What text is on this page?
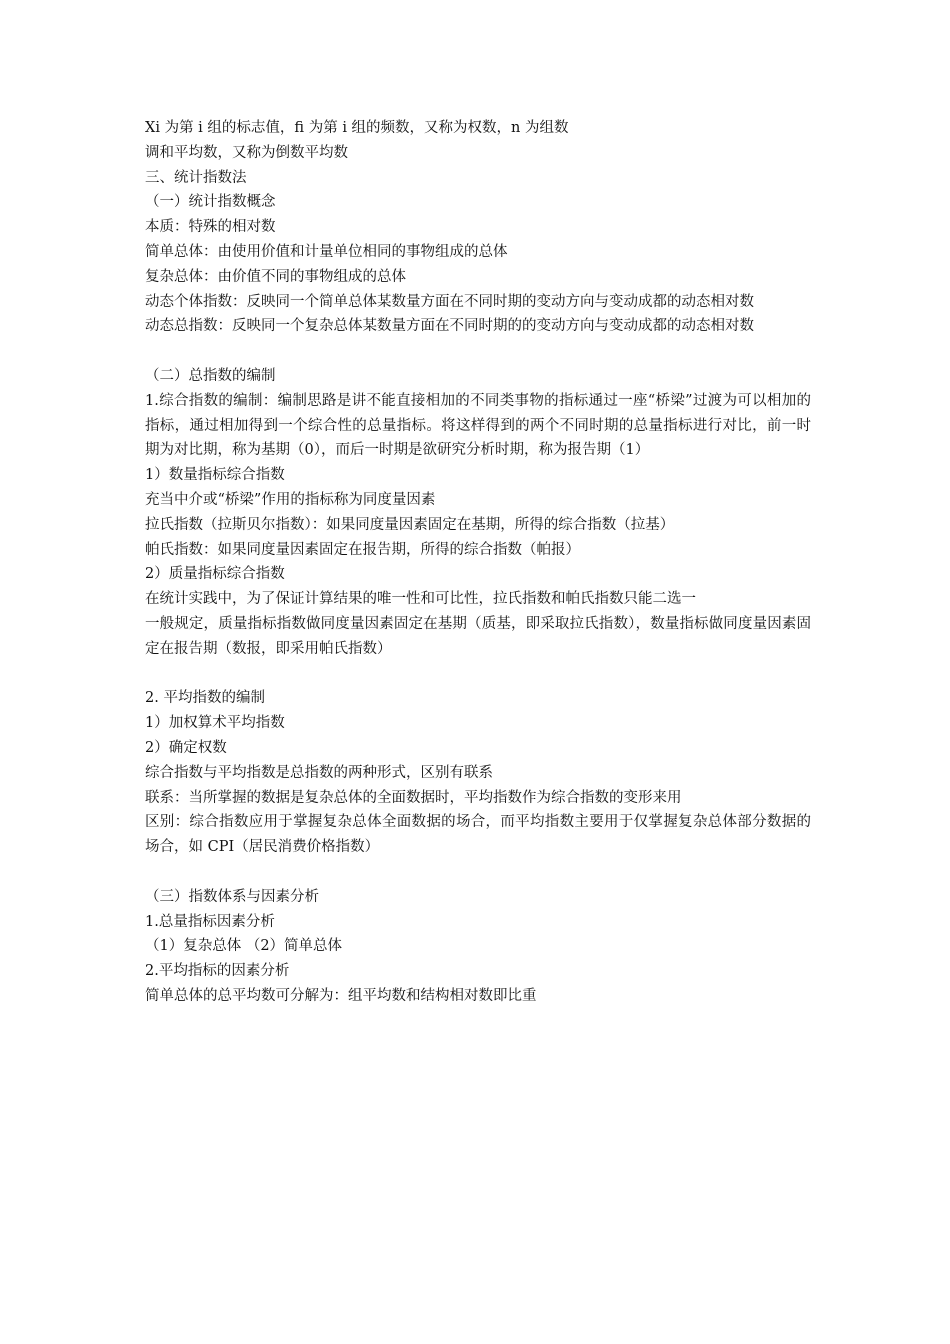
Xi 为第 i 组的标志值，fi 为第 i 组的频数，又称为权数，n 为组数
调和平均数，又称为倒数平均数
三、统计指数法
（一）统计指数概念
本质：特殊的相对数
简单总体：由使用价值和计量单位相同的事物组成的总体
复杂总体：由价值不同的事物组成的总体
动态个体指数：反映同一个简单总体某数量方面在不同时期的变动方向与变动成都的动态相对数
动态总指数：反映同一个复杂总体某数量方面在不同时期的的变动方向与变动成都的动态相对数
（二）总指数的编制
1.综合指数的编制：编制思路是讲不能直接相加的不同类事物的指标通过一座“桥梁”过渡为可以相加的指标，通过相加得到一个综合性的总量指标。将这样得到的两个不同时期的总量指标进行对比，前一时期为对比期，称为基期（0），而后一时期是欲研究分析时期，称为报告期（1）
1）数量指标综合指数
充当中介或“桥梁”作用的指标称为同度量因素
拉氏指数（拉斯贝尔指数）：如果同度量因素固定在基期，所得的综合指数（拉基）
帕氏指数：如果同度量因素固定在报告期，所得的综合指数（帕报）
2）质量指标综合指数
在统计实践中，为了保证计算结果的唯一性和可比性，拉氏指数和帕氏指数只能二选一
一般规定，质量指标指数做同度量因素固定在基期（质基，即采取拉氏指数），数量指标做同度量因素固定在报告期（数报，即采用帕氏指数）
2. 平均指数的编制
1）加权算术平均指数
2）确定权数
综合指数与平均指数是总指数的两种形式，区别有联系
联系：当所掌握的数据是复杂总体的全面数据时，平均指数作为综合指数的变形来用
区别：综合指数应用于掌握复杂总体全面数据的场合，而平均指数主要用于仅掌握复杂总体部分数据的场合，如 CPI（居民消费价格指数）
（三）指数体系与因素分析
1.总量指标因素分析
（1）复杂总体 （2）简单总体
2.平均指标的因素分析
简单总体的总平均数可分解为：组平均数和结构相对数即比重
